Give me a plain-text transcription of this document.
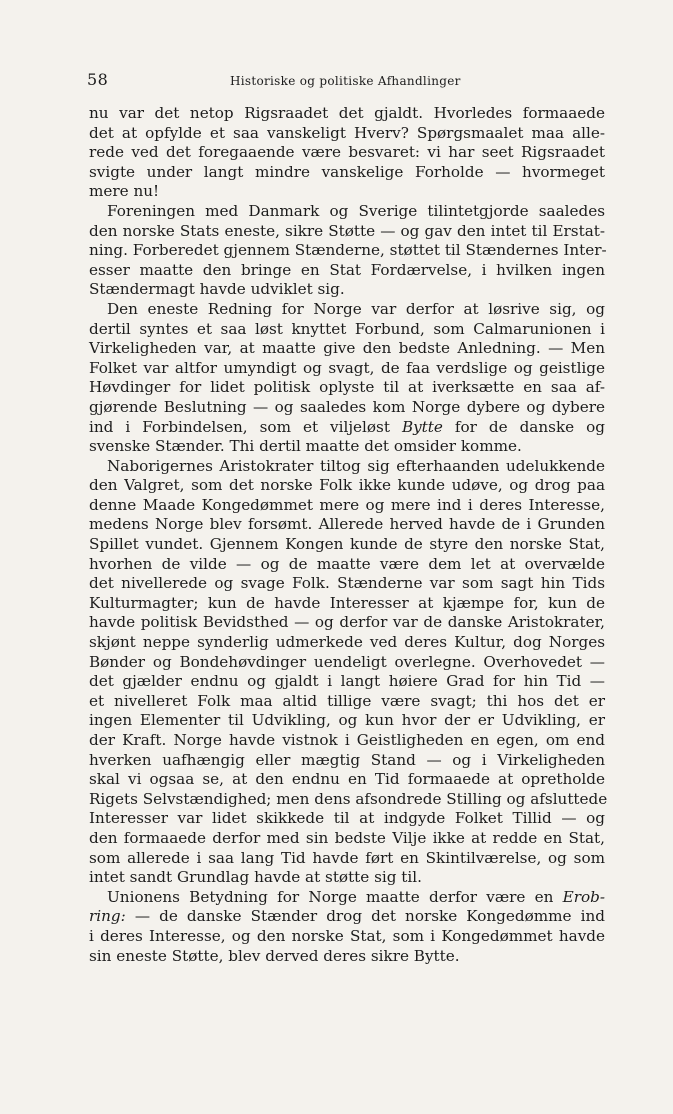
58	Historiske og politiske Afhandlinger
nu var det netop Rigsraadet det gjaldt. Hvorledes formaaede
det at opfylde et saa vanskeligt Hverv? Spørgsmaalet maa alle-
rede ved det foregaaende være besvaret: vi har seet Rigsraadet
svigte under langt mindre vanskelige Forholde — hvormeget
mere nu!
Foreningen med Danmark og Sverige tilintetgjorde saaledes
den norske Stats eneste, sikre Støtte — og gav den intet til Erstat-
ning. Forberedet gjennem Stænderne, støttet til Stændernes Inter-
esser maatte den bringe en Stat Fordærvelse, i hvilken ingen
Stændermagt havde udviklet sig.
Den eneste Redning for Norge var derfor at løsrive sig, og
dertil syntes et saa løst knyttet Forbund, som Calmarunionen i
Virkeligheden var, at maatte give den bedste Anledning. — Men
Folket var altfor umyndigt og svagt, de faa verdslige og geistlige
Høvdinger for lidet politisk oplyste til at iverksætte en saa af-
gjørende Beslutning — og saaledes kom Norge dybere og dybere
ind i Forbindelsen, som et viljeløst Bytte for de danske og
svenske Stænder. Thi dertil maatte det omsider komme.
Naborigernes Aristokrater tiltog sig efterhaanden udelukkende
den Valgret, som det norske Folk ikke kunde udøve, og drog paa
denne Maade Kongedømmet mere og mere ind i deres Interesse,
medens Norge blev forsømt. Allerede herved havde de i Grunden
Spillet vundet. Gjennem Kongen kunde de styre den norske Stat,
hvorhen de vilde — og de maatte være dem let at overvælde
det nivellerede og svage Folk. Stænderne var som sagt hin Tids
Kulturmagter; kun de havde Interesser at kjæmpe for, kun de
havde politisk Bevidsthed — og derfor var de danske Aristokrater,
skjønt neppe synderlig udmerkede ved deres Kultur, dog Norges
Bønder og Bondehøvdinger uendeligt overlegne. Overhovedet —
det gjælder endnu og gjaldt i langt høiere Grad for hin Tid —
et nivelleret Folk maa altid tillige være svagt; thi hos det er
ingen Elementer til Udvikling, og kun hvor der er Udvikling, er
der Kraft. Norge havde vistnok i Geistligheden en egen, om end
hverken uafhængig eller mægtig Stand — og i Virkeligheden
skal vi ogsaa se, at den endnu en Tid formaaede at opretholde
Rigets Selvstændighed; men dens afsondrede Stilling og afsluttede
Interesser var lidet skikkede til at indgyde Folket Tillid — og
den formaaede derfor med sin bedste Vilje ikke at redde en Stat,
som allerede i saa lang Tid havde ført en Skintilværelse, og som
intet sandt Grundlag havde at støtte sig til.
Unionens Betydning for Norge maatte derfor være en Erob-
ring: — de danske Stænder drog det norske Kongedømme ind
i deres Interesse, og den norske Stat, som i Kongedømmet havde
sin eneste Støtte, blev derved deres sikre Bytte.
